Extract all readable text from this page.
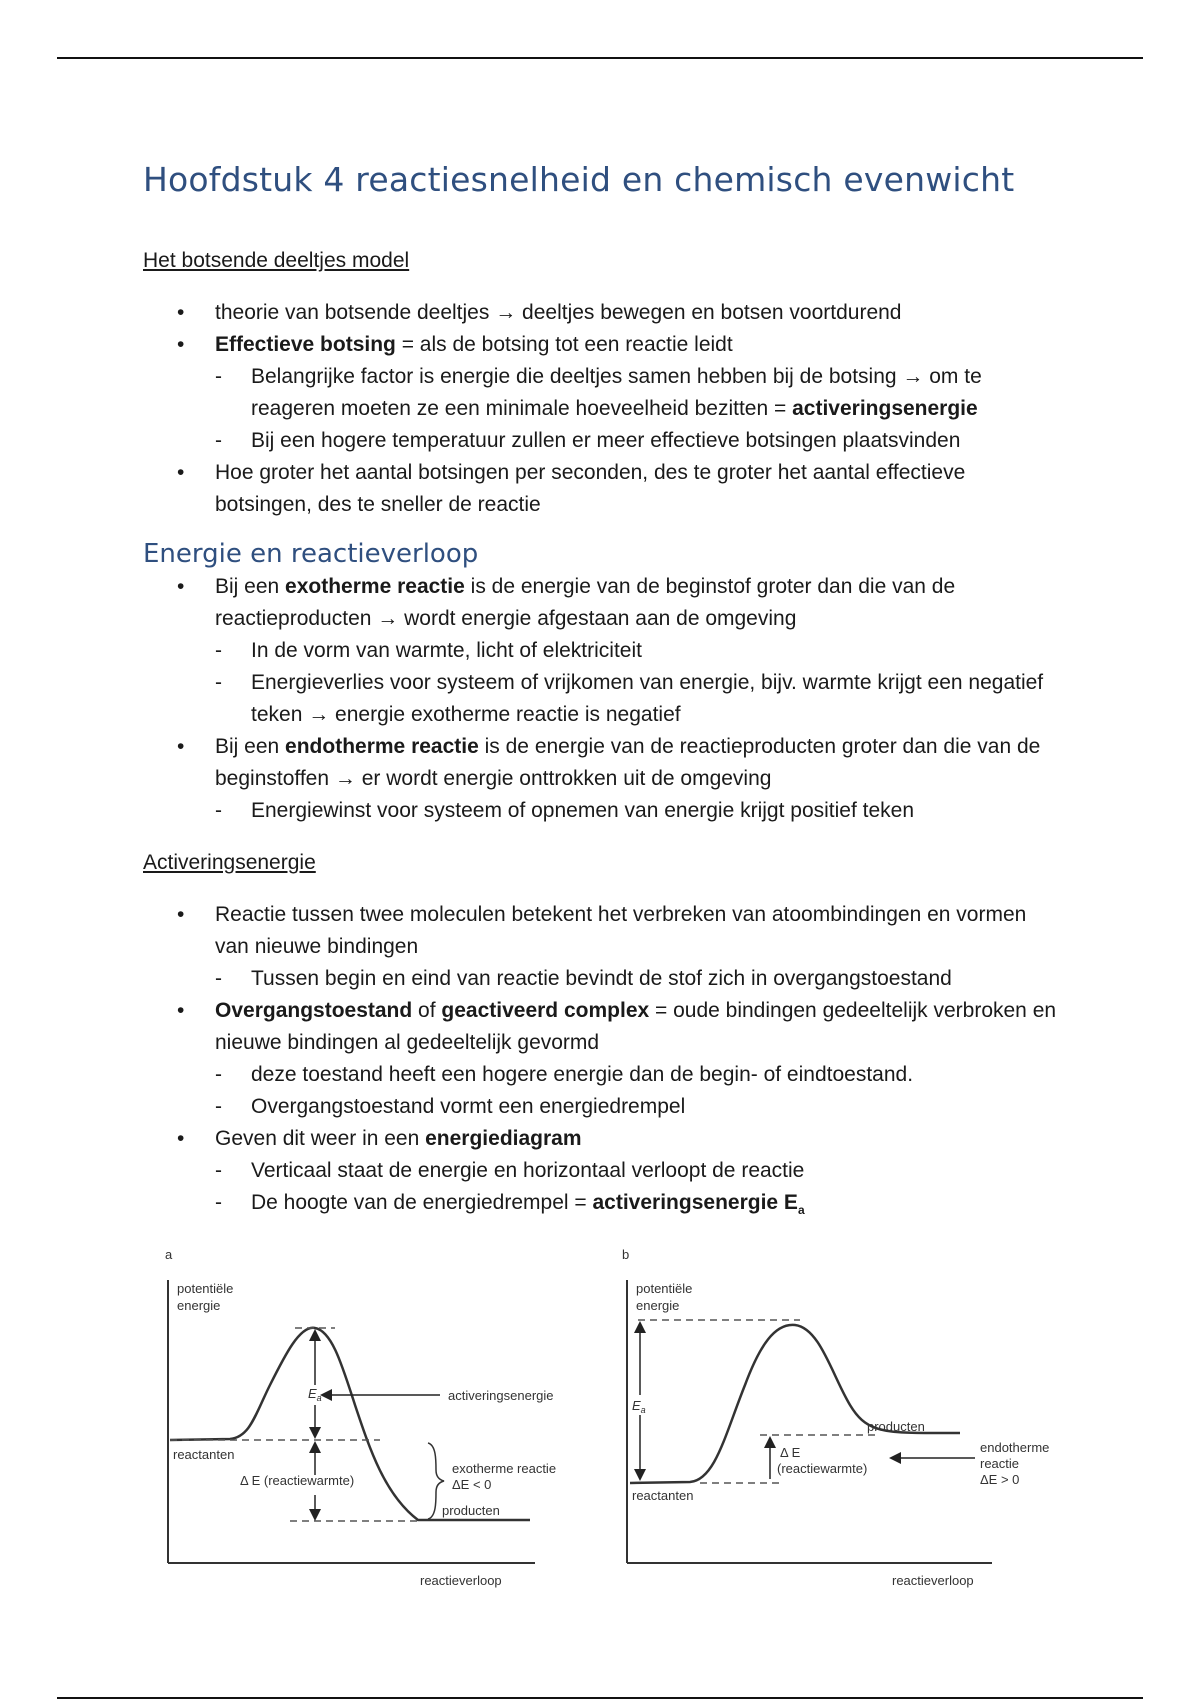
Hoofdstuk 4 reactiesnelheid en chemisch evenwicht
Het botsende deeltjes model
• theorie van botsende deeltjes → deeltjes bewegen en botsen voortdurend
• Effectieve botsing = als de botsing tot een reactie leidt
- Belangrijke factor is energie die deeltjes samen hebben bij de botsing → om te reageren moeten ze een minimale hoeveelheid bezitten = activeringsenergie
- Bij een hogere temperatuur zullen er meer effectieve botsingen plaatsvinden
• Hoe groter het aantal botsingen per seconden, des te groter het aantal effectieve botsingen, des te sneller de reactie
Energie en reactieverloop
• Bij een exotherme reactie is de energie van de beginstof groter dan die van de reactieproducten → wordt energie afgestaan aan de omgeving
- In de vorm van warmte, licht of elektriciteit
- Energieverlies voor systeem of vrijkomen van energie, bijv. warmte krijgt een negatief teken → energie exotherme reactie is negatief
• Bij een endotherme reactie is de energie van de reactieproducten groter dan die van de beginstoffen → er wordt energie onttrokken uit de omgeving
- Energiewinst voor systeem of opnemen van energie krijgt positief teken
Activeringsenergie
• Reactie tussen twee moleculen betekent het verbreken van atoombindingen en vormen van nieuwe bindingen
- Tussen begin en eind van reactie bevindt de stof zich in overgangstoestand
• Overgangstoestand of geactiveerd complex = oude bindingen gedeeltelijk verbroken en nieuwe bindingen al gedeeltelijk gevormd
- deze toestand heeft een hogere energie dan de begin- of eindtoestand.
- Overgangstoestand vormt een energiedrempel
• Geven dit weer in een energiediagram
- Verticaal staat de energie en horizontaal verloopt de reactie
- De hoogte van de energiedrempel = activeringsenergie $E_a$
a
potentiële
energie
$E_a$	activeringsenergie
reactanten
Δ E (reactiewarmte)
exotherme reactie
ΔE < 0
producten
reactieverloop
b
potentiële
energie
$E_a$
producten
Δ E
(reactiewarmte)
endotherme
reactie
ΔE > 0
reactanten
reactieverloop
